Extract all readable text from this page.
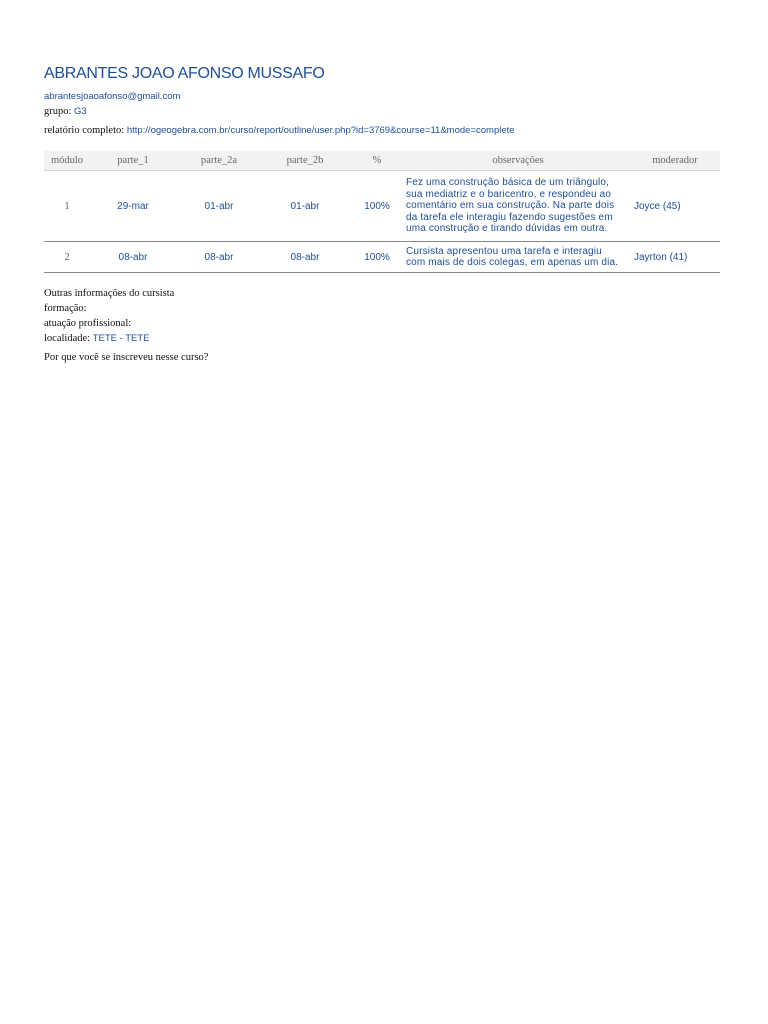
ABRANTES JOAO AFONSO MUSSAFO
abrantesjoaoafonso@gmail.com
grupo: G3
relatório completo: http://ogeogebra.com.br/curso/report/outline/user.php?id=3769&course=11&mode=complete
módulo	parte_1	parte_2a	parte_2b	%	observações	moderador
1	29-mar	01-abr	01-abr	100%	Fez uma construção básica de um triângulo, sua mediatriz e o baricentro, e respondeu ao comentário em sua construção. Na parte dois da tarefa ele interagiu fazendo sugestões em uma construção e tirando dúvidas em outra.	Joyce (45)
2	08-abr	08-abr	08-abr	100%	Cursista apresentou uma tarefa e interagiu com mais de dois colegas, em apenas um dia.	Jayrton (41)
Outras informações do cursista
formação:
atuação profissional:
localidade: TETE - TETE
Por que você se inscreveu nesse curso?
